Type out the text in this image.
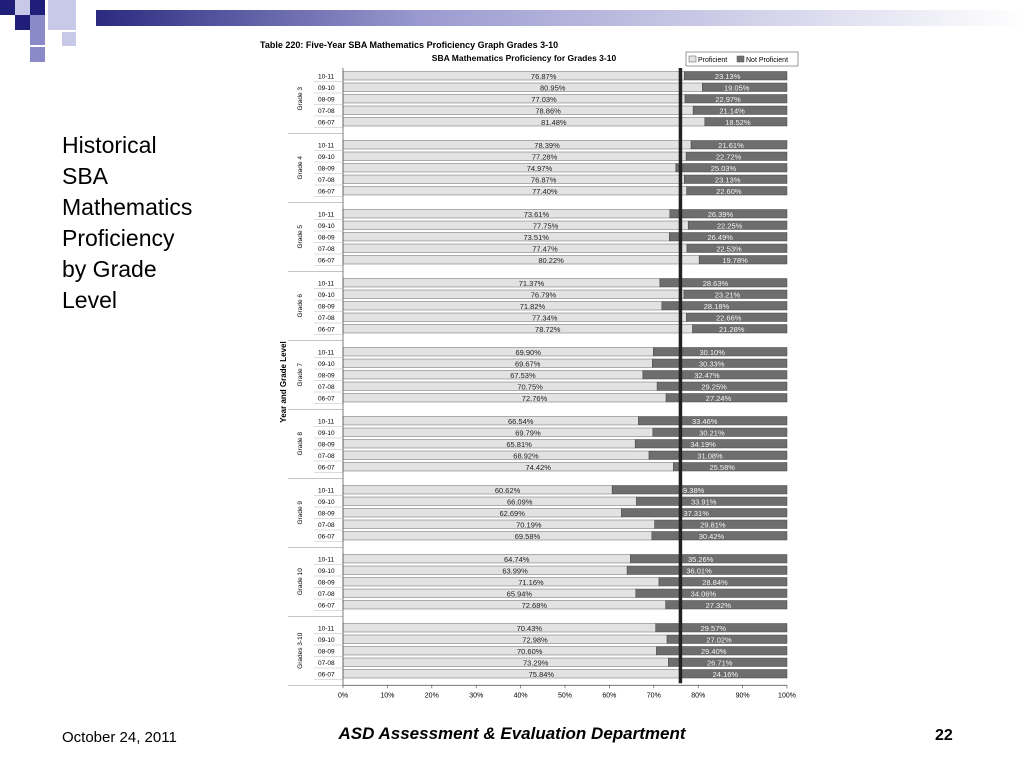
Historical
SBA
Mathematics
Proficiency
by Grade
Level
Table 220: Five-Year SBA Mathematics Proficiency Graph Grades 3-10
SBA Mathematics Proficiency for Grades 3-10	Proficient	Not Proficient
Year and Grade Level
10-11	76.87%	23.13%
09-10	80.95%	19.05%
08-09	77.03%	22.97%
07-08	78.86%	21.14%
06-07	81.48%	18.52%
Grade 3
10-11	78.39%	21.61%
09-10	77.28%	22.72%
08-09	74.97%	25.03%
07-08	76.87%	23.13%
06-07	77.40%	22.60%
Grade 4
10-11	73.61%	26.39%
09-10	77.75%	22.25%
08-09	73.51%	26.49%
07-08	77.47%	22.53%
06-07	80.22%	19.78%
Grade 5
10-11	71.37%	28.63%
09-10	76.79%	23.21%
08-09	71.82%	28.18%
07-08	77.34%	22.66%
06-07	78.72%	21.28%
Grade 6
10-11	69.90%	30.10%
09-10	69.67%	30.33%
08-09	67.53%	32.47%
07-08	70.75%	29.25%
06-07	72.76%	27.24%
Grade 7
10-11	66.54%	33.46%
09-10	69.79%	30.21%
08-09	65.81%	34.19%
07-08	68.92%	31.08%
06-07	74.42%	25.58%
Grade 8
10-11	60.62%	39.38%
09-10	66.09%	33.91%
08-09	62.69%	37.31%
07-08	70.19%	29.81%
06-07	69.58%	30.42%
Grade 9
10-11	64.74%	35.26%
09-10	63.99%	36.01%
08-09	71.16%	28.84%
07-08	65.94%	34.06%
06-07	72.68%	27.32%
Grade 10
10-11	70.43%	29.57%
09-10	72.98%	27.02%
08-09	70.60%	29.40%
07-08	73.29%	26.71%
06-07	75.84%	24.16%
Grades 3-10
0%	10%	20%	30%	40%	50%	60%	70%	80%	90%	100%
October 24, 2011	ASD Assessment & Evaluation Department	22
